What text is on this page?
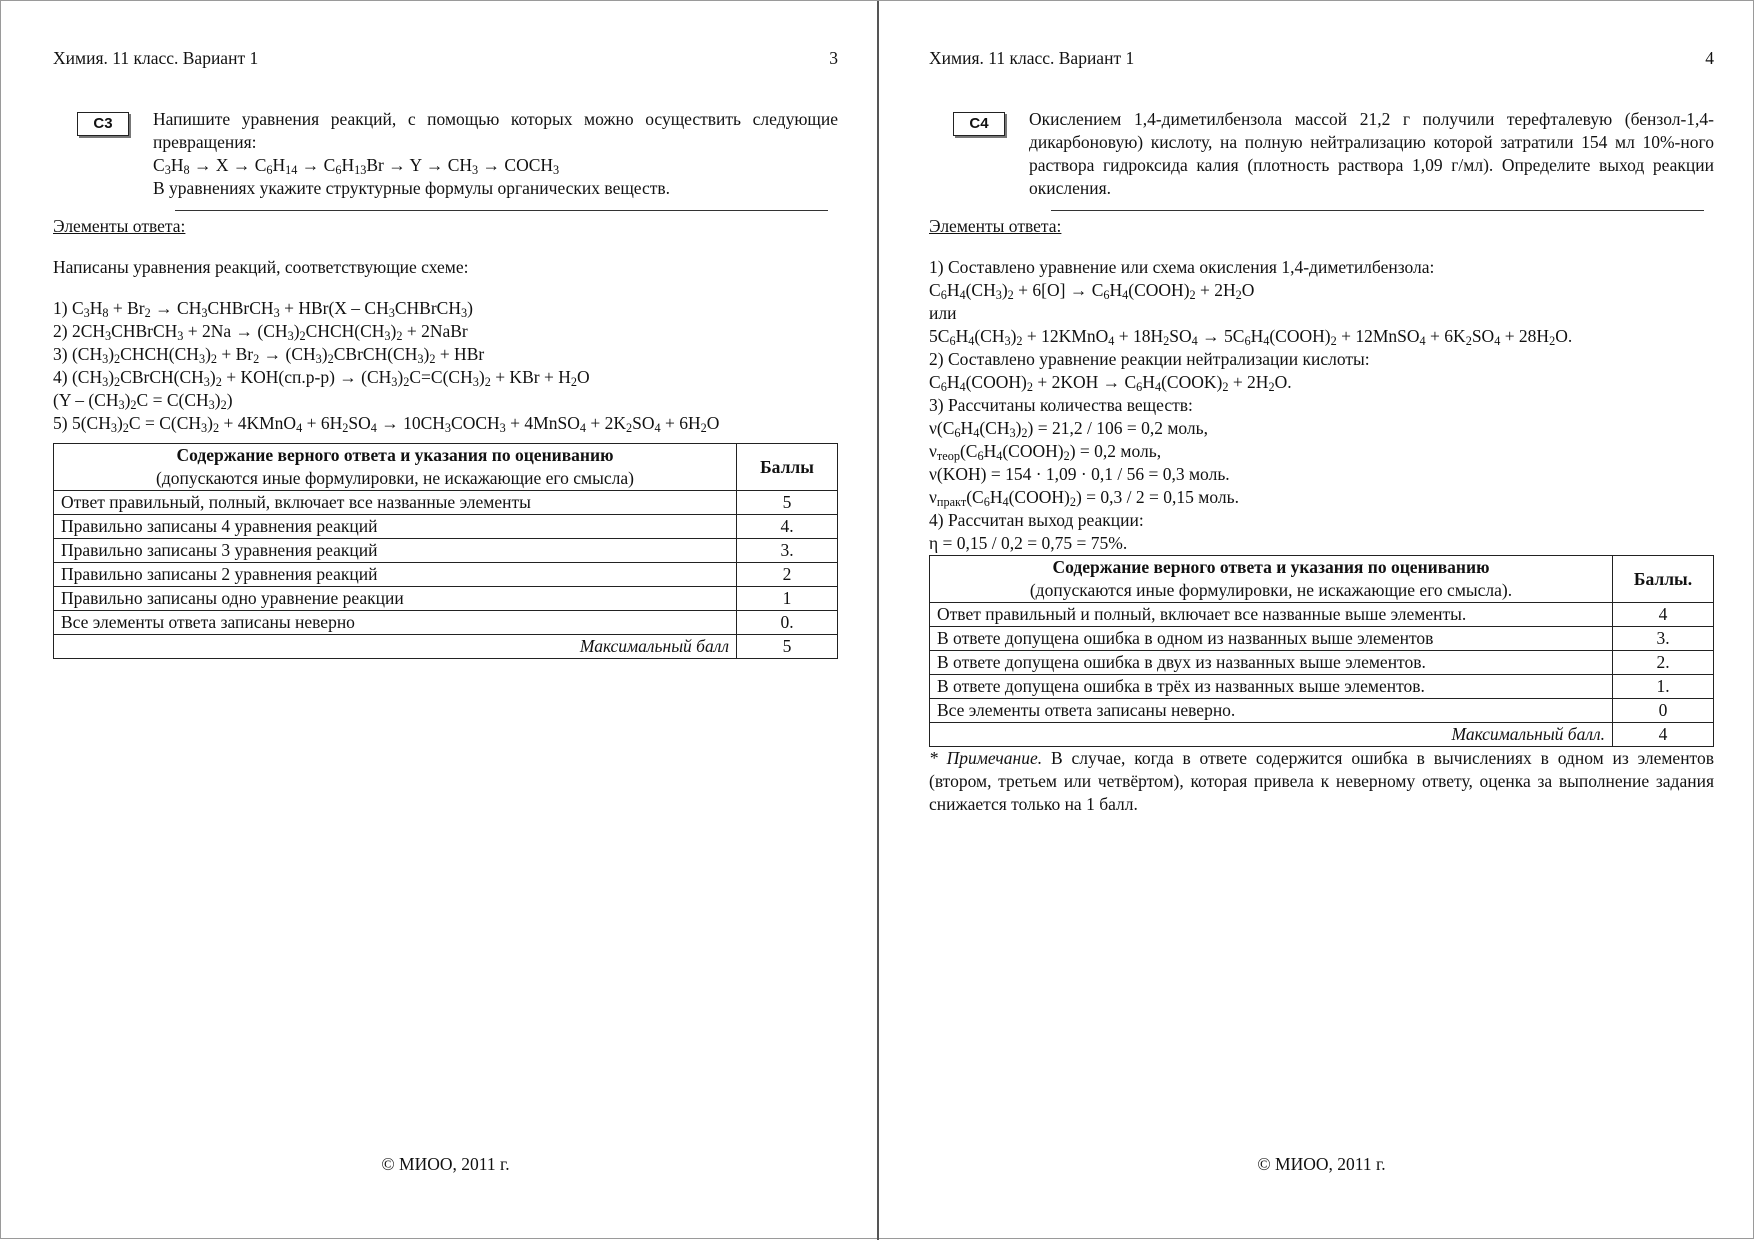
Химия. 11 класс. Вариант 1	3
С3	Напишите уравнения реакций, с помощью которых можно осуществить следующие превращения:
$C_3H_8 \to X \to C_6H_{14} \to C_6H_{13}Br \to Y \to CH_3$ → $COCH_3$
В уравнениях укажите структурные формулы органических веществ.
Элементы ответа:
Написаны уравнения реакций, соответствующие схеме:
1) $C_3H_8 + Br_2$ → $CH_3CHBrCH_3 + HBr(X$ – $CH_3CHBrCH_3$)
2) $2CH_3CHBrCH_3 + 2Na$ → $(CH_3)_2CHCH(CH_3)_2$ + 2NaBr
3) $(CH_3)_2CHCH(CH_3)_2 + Br_2$ → $(CH_3)_2CBrCH(CH_3)_2$ + HBr
4) $(CH_3)_2CBrCH(CH_3)_2 + KOH(сп.р-р) \to (CH_3)_2C=C(CH_3)_2$ + KBr + $H_2O$
$(Y - (CH_3)_2C = C(CH_3)_2)$
5) $5(CH_3)_2C = C(CH_3)_2$ + 4KMnO$_4$ + $6H_2SO_4$ → $10CH_3COCH_3$ + 4MnSO$_4$ + $2K_2SO_4 + 6H_2O$
Содержание верного ответа и указания по оцениванию
(допускаются иные формулировки, не искажающие его смысла)	Баллы
Ответ правильный, полный, включает все названные элементы	5
Правильно записаны 4 уравнения реакций	4.
Правильно записаны 3 уравнения реакций	3.
Правильно записаны 2 уравнения реакций	2
Правильно записаны одно уравнение реакции	1
Все элементы ответа записаны неверно	0.
Максимальный балл	5
© МИОО, 2011 г.
Химия. 11 класс. Вариант 1	4
С4	Окислением 1,4-диметилбензола массой 21,2 г получили терефталевую (бензол-1,4-дикарбоновую) кислоту, на полную нейтрализацию которой затратили 154 мл 10%-ного раствора гидроксида калия (плотность раствора 1,09 г/мл). Определите выход реакции окисления.
Элементы ответа:
1) Составлено уравнение или схема окисления 1,4-диметилбензола:
$C_6H_4(CH_3)_2 + 6[O]$ → $C_6H_4(COOH)_2 + 2H_2O$
или
$5C_6H_4(CH_3)_2$ + 12KMnO$_4$ + $18H_2SO_4$ → $5C_6H_4(COOH)_2$ + 12MnSO$_4$ + $6K_2SO_4 + 28H_2O$.
2) Составлено уравнение реакции нейтрализации кислоты:
$C_6H_4(COOH)_2 + 2KOH$ → $C_6H_4(COOK)_2 + 2H_2O$.
3) Рассчитаны количества веществ:
$\nu(C_6H_4(CH_3)_2) = 21,2 / 106 = 0,2$ моль,
$\nu_{теор}(C_6H_4(COOH)_2) = 0,2$ моль,
ν(KOH) = 154 · 1,09 · 0,1 / 56 = 0,3 моль.
$\nu_{практ}(C_6H_4(COOH)_2) = 0,3 / 2 = 0,15$ моль.
4) Рассчитан выход реакции:
η = 0,15 / 0,2 = 0,75 = 75%.
Содержание верного ответа и указания по оцениванию
(допускаются иные формулировки, не искажающие его смысла).	Баллы.
Ответ правильный и полный, включает все названные выше элементы.	4
В ответе допущена ошибка в одном из названных выше элементов	3.
В ответе допущена ошибка в двух из названных выше элементов.	2.
В ответе допущена ошибка в трёх из названных выше элементов.	1.
Все элементы ответа записаны неверно.	0
Максимальный балл.	4
* Примечание. В случае, когда в ответе содержится ошибка в вычислениях в одном из элементов (втором, третьем или четвёртом), которая привела к неверному ответу, оценка за выполнение задания снижается только на 1 балл.
© МИОО, 2011 г.
